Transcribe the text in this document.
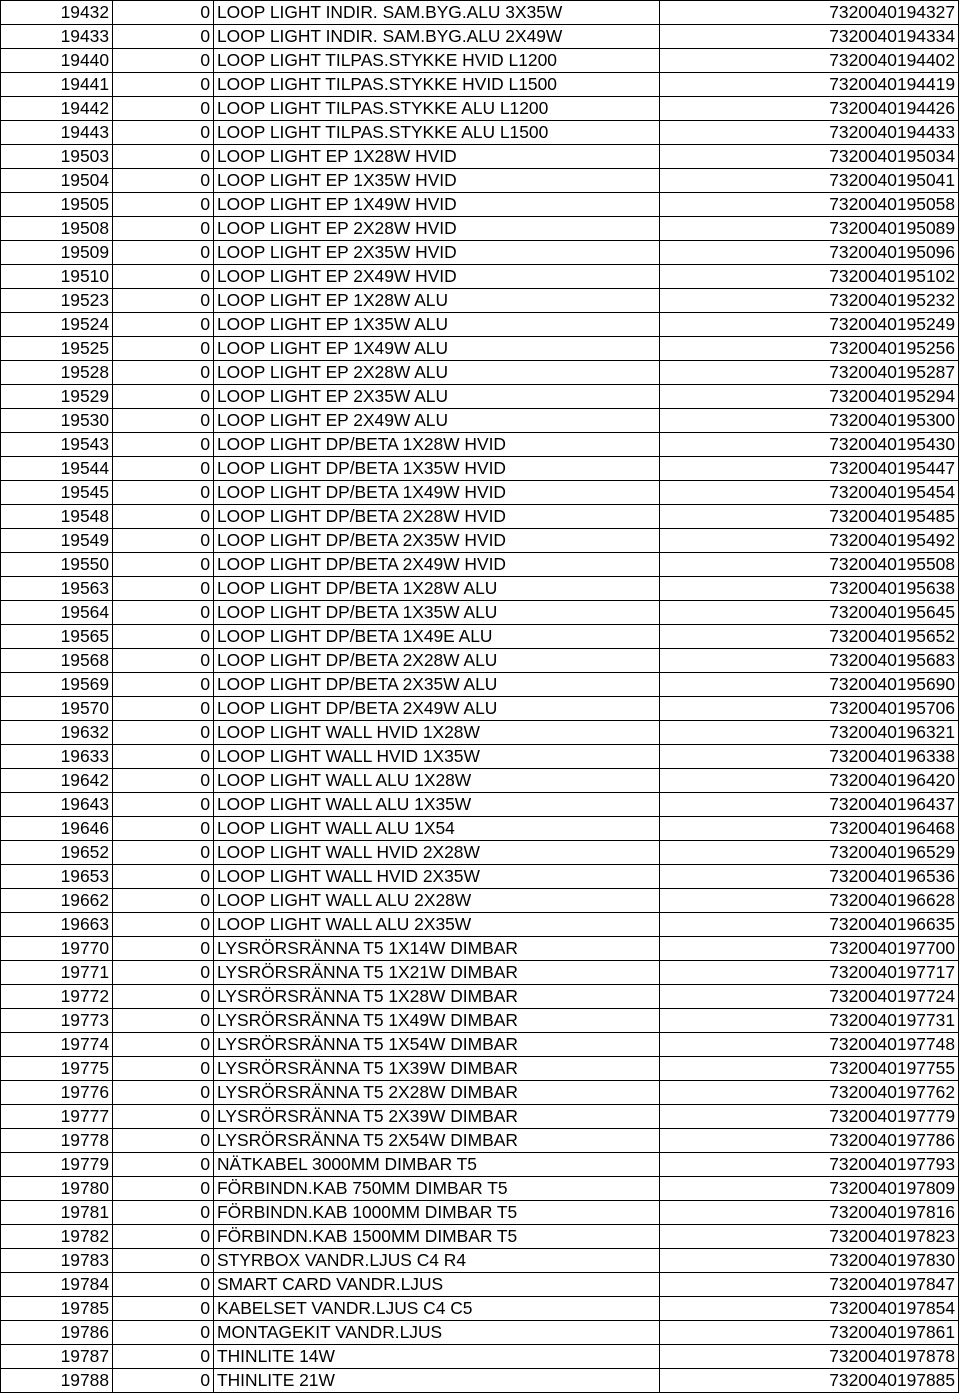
19432	0	LOOP LIGHT INDIR. SAM.BYG.ALU 3X35W	7320040194327
19433	0	LOOP LIGHT INDIR. SAM.BYG.ALU 2X49W	7320040194334
19440	0	LOOP LIGHT TILPAS.STYKKE HVID L1200	7320040194402
19441	0	LOOP LIGHT TILPAS.STYKKE HVID L1500	7320040194419
19442	0	LOOP LIGHT TILPAS.STYKKE ALU L1200	7320040194426
19443	0	LOOP LIGHT TILPAS.STYKKE ALU L1500	7320040194433
19503	0	LOOP LIGHT EP 1X28W HVID	7320040195034
19504	0	LOOP LIGHT EP 1X35W HVID	7320040195041
19505	0	LOOP LIGHT EP 1X49W HVID	7320040195058
19508	0	LOOP LIGHT EP 2X28W HVID	7320040195089
19509	0	LOOP LIGHT EP 2X35W HVID	7320040195096
19510	0	LOOP LIGHT EP 2X49W HVID	7320040195102
19523	0	LOOP LIGHT EP 1X28W ALU	7320040195232
19524	0	LOOP LIGHT EP 1X35W ALU	7320040195249
19525	0	LOOP LIGHT EP 1X49W ALU	7320040195256
19528	0	LOOP LIGHT EP 2X28W ALU	7320040195287
19529	0	LOOP LIGHT EP 2X35W ALU	7320040195294
19530	0	LOOP LIGHT EP 2X49W ALU	7320040195300
19543	0	LOOP LIGHT DP/BETA 1X28W HVID	7320040195430
19544	0	LOOP LIGHT DP/BETA 1X35W HVID	7320040195447
19545	0	LOOP LIGHT DP/BETA 1X49W HVID	7320040195454
19548	0	LOOP LIGHT DP/BETA 2X28W HVID	7320040195485
19549	0	LOOP LIGHT DP/BETA 2X35W HVID	7320040195492
19550	0	LOOP LIGHT DP/BETA 2X49W HVID	7320040195508
19563	0	LOOP LIGHT DP/BETA 1X28W ALU	7320040195638
19564	0	LOOP LIGHT DP/BETA 1X35W ALU	7320040195645
19565	0	LOOP LIGHT DP/BETA 1X49E ALU	7320040195652
19568	0	LOOP LIGHT DP/BETA 2X28W ALU	7320040195683
19569	0	LOOP LIGHT DP/BETA 2X35W ALU	7320040195690
19570	0	LOOP LIGHT DP/BETA 2X49W ALU	7320040195706
19632	0	LOOP LIGHT WALL HVID 1X28W	7320040196321
19633	0	LOOP LIGHT WALL HVID 1X35W	7320040196338
19642	0	LOOP LIGHT WALL ALU 1X28W	7320040196420
19643	0	LOOP LIGHT WALL ALU 1X35W	7320040196437
19646	0	LOOP LIGHT WALL ALU 1X54	7320040196468
19652	0	LOOP LIGHT WALL HVID 2X28W	7320040196529
19653	0	LOOP LIGHT WALL HVID 2X35W	7320040196536
19662	0	LOOP LIGHT WALL ALU 2X28W	7320040196628
19663	0	LOOP LIGHT WALL ALU 2X35W	7320040196635
19770	0	LYSRÖRSRÄNNA T5 1X14W DIMBAR	7320040197700
19771	0	LYSRÖRSRÄNNA T5 1X21W DIMBAR	7320040197717
19772	0	LYSRÖRSRÄNNA T5 1X28W DIMBAR	7320040197724
19773	0	LYSRÖRSRÄNNA T5 1X49W DIMBAR	7320040197731
19774	0	LYSRÖRSRÄNNA T5 1X54W DIMBAR	7320040197748
19775	0	LYSRÖRSRÄNNA T5 1X39W DIMBAR	7320040197755
19776	0	LYSRÖRSRÄNNA T5 2X28W DIMBAR	7320040197762
19777	0	LYSRÖRSRÄNNA T5 2X39W DIMBAR	7320040197779
19778	0	LYSRÖRSRÄNNA T5 2X54W DIMBAR	7320040197786
19779	0	NÄTKABEL 3000MM DIMBAR T5	7320040197793
19780	0	FÖRBINDN.KAB 750MM DIMBAR T5	7320040197809
19781	0	FÖRBINDN.KAB 1000MM DIMBAR T5	7320040197816
19782	0	FÖRBINDN.KAB 1500MM DIMBAR T5	7320040197823
19783	0	STYRBOX VANDR.LJUS C4 R4	7320040197830
19784	0	SMART CARD VANDR.LJUS	7320040197847
19785	0	KABELSET VANDR.LJUS C4 C5	7320040197854
19786	0	MONTAGEKIT VANDR.LJUS	7320040197861
19787	0	THINLITE 14W	7320040197878
19788	0	THINLITE 21W	7320040197885
